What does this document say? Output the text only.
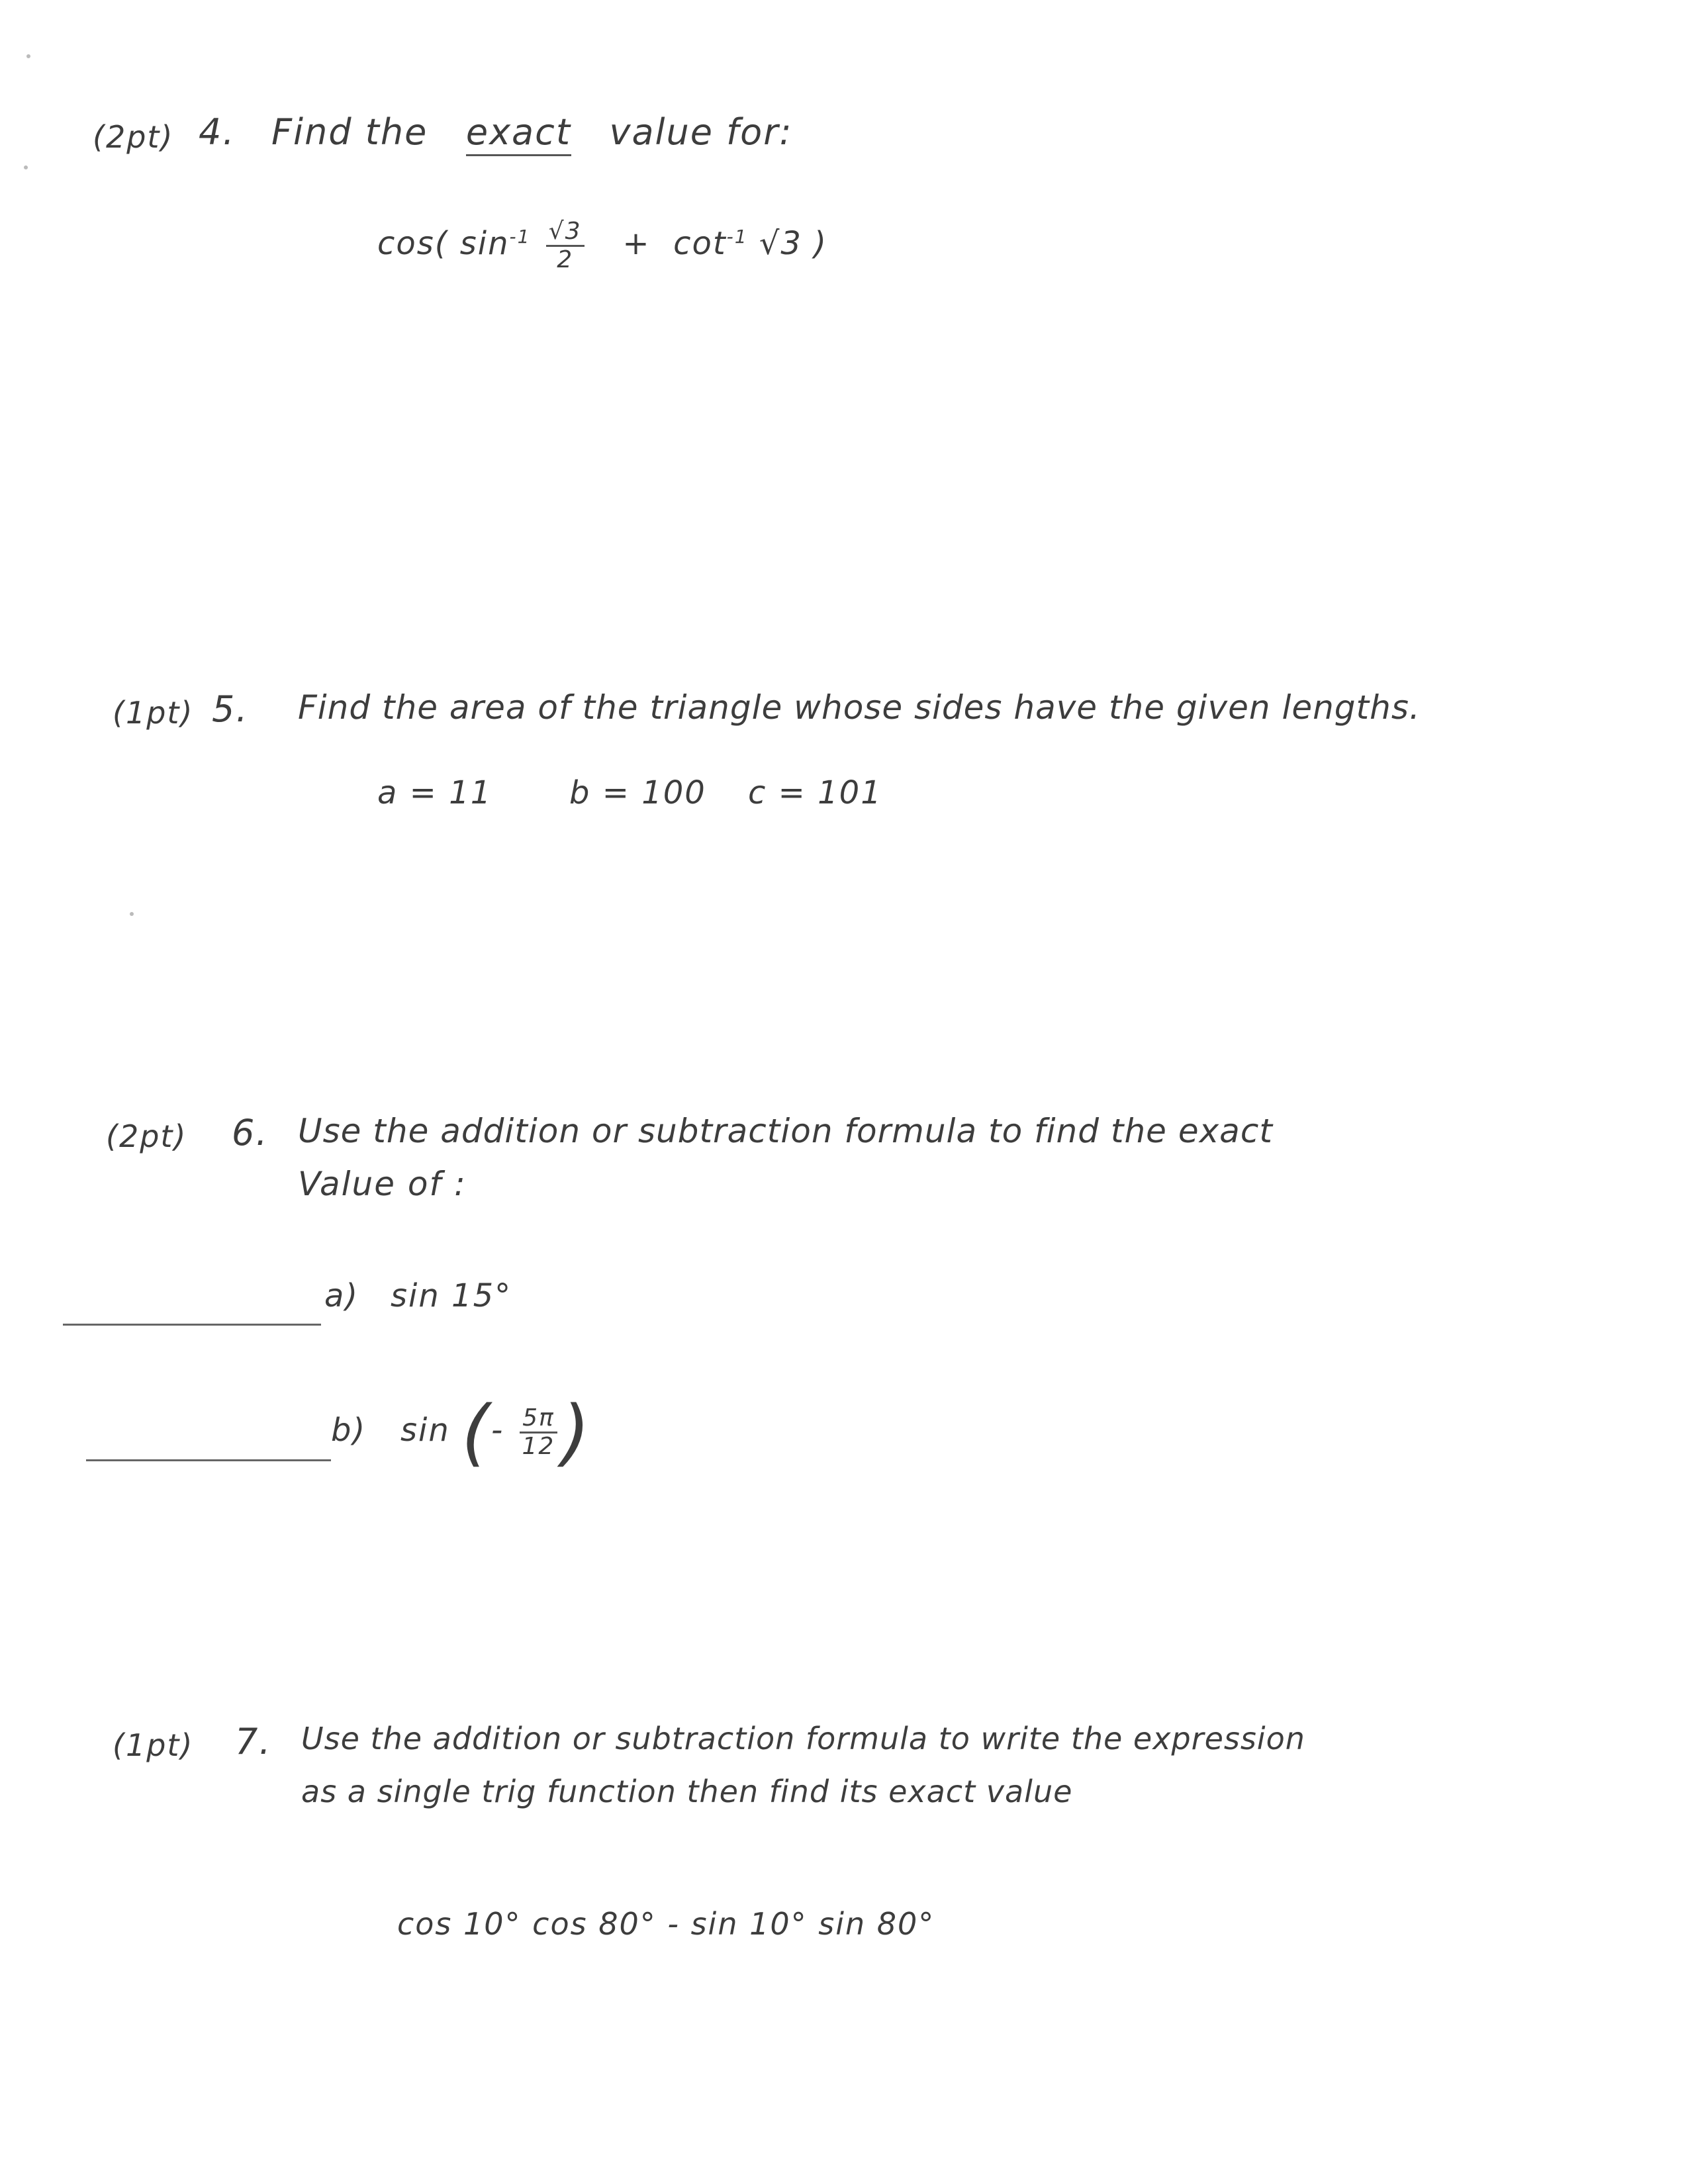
(2pt) 4. Find the exact value for:
cos( $\sin^{-1} \frac{√3}{2} + \cot^{-1} √3$ )
(1pt) 5. Find the area of the triangle whose sides have the given lengths.
a = 11 b = 100 c = 101
(2pt) 6. Use the addition or subtraction formula to find the exact
Value of :
a) sin 15°
b) sin (- $\frac{5\pi}{12}$ )
(1pt) 7. Use the addition or subtraction formula to write the expression
as a single trig function then find its exact value
cos 10° cos 80° - sin 10° sin 80°
